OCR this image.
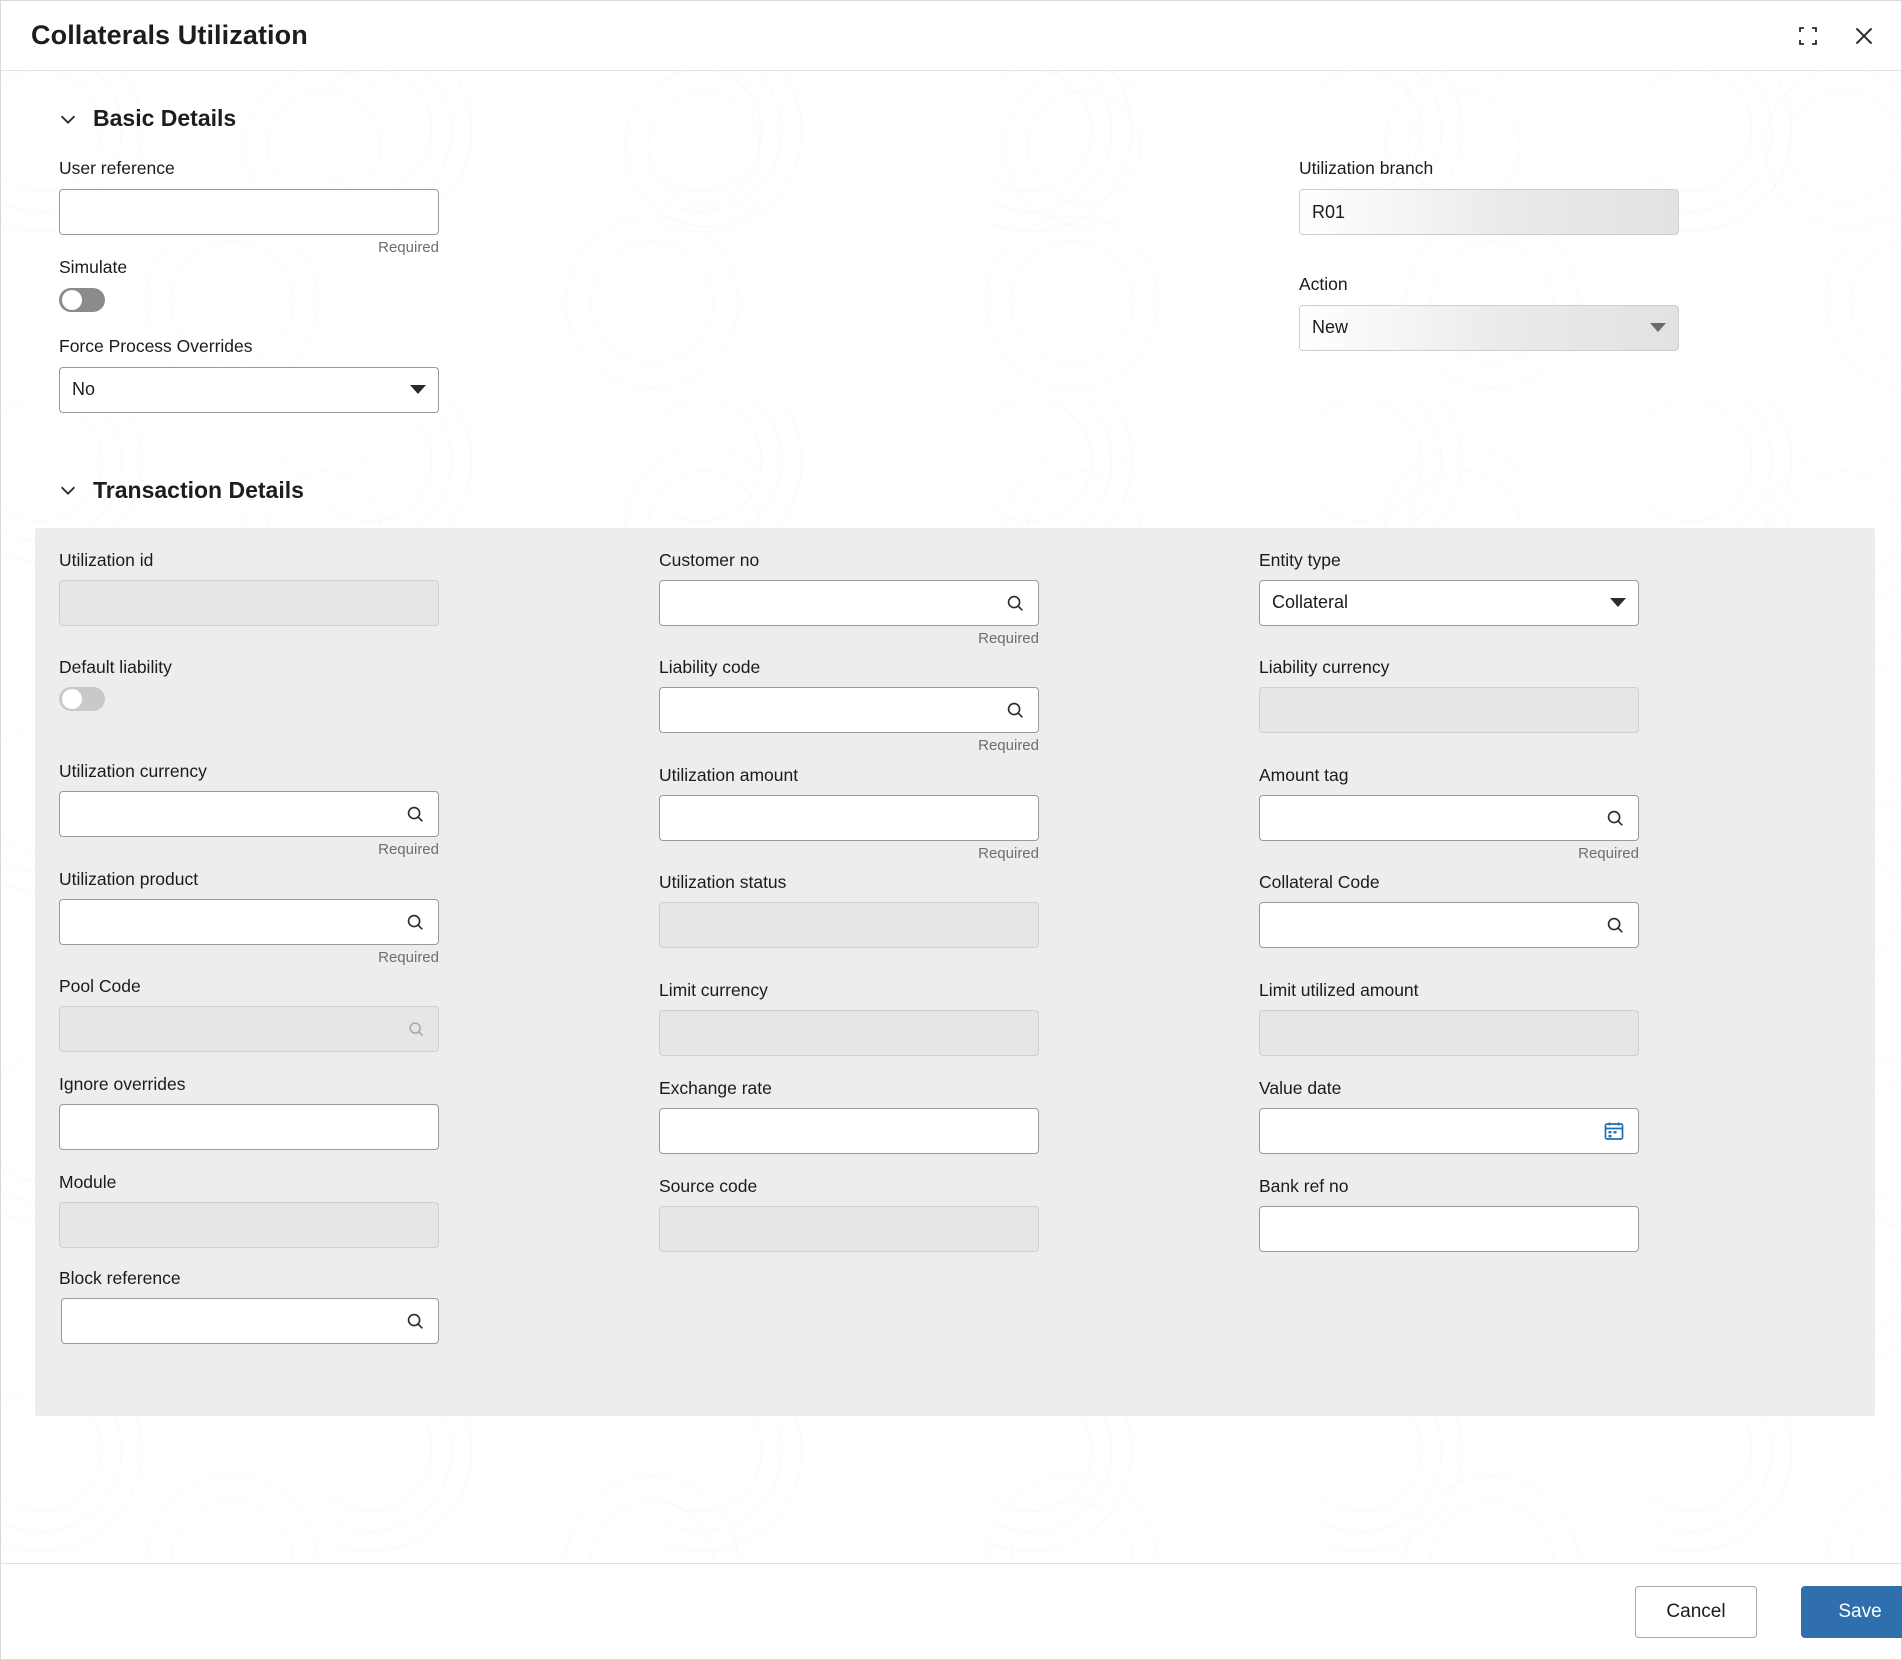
Collaterals Utilization
Basic Details
User reference
Required
Simulate
Force Process Overrides
No
Utilization branch
R01
Action
New
Transaction Details
Utilization id
Default liability
Utilization currency
Required
Utilization product
Required
Pool Code
Ignore overrides
Module
Block reference
Customer no
Required
Liability code
Required
Utilization amount
Required
Utilization status
Limit currency
Exchange rate
Source code
Entity type
Collateral
Liability currency
Amount tag
Required
Collateral Code
Limit utilized amount
Value date
Bank ref no
Cancel	Save
